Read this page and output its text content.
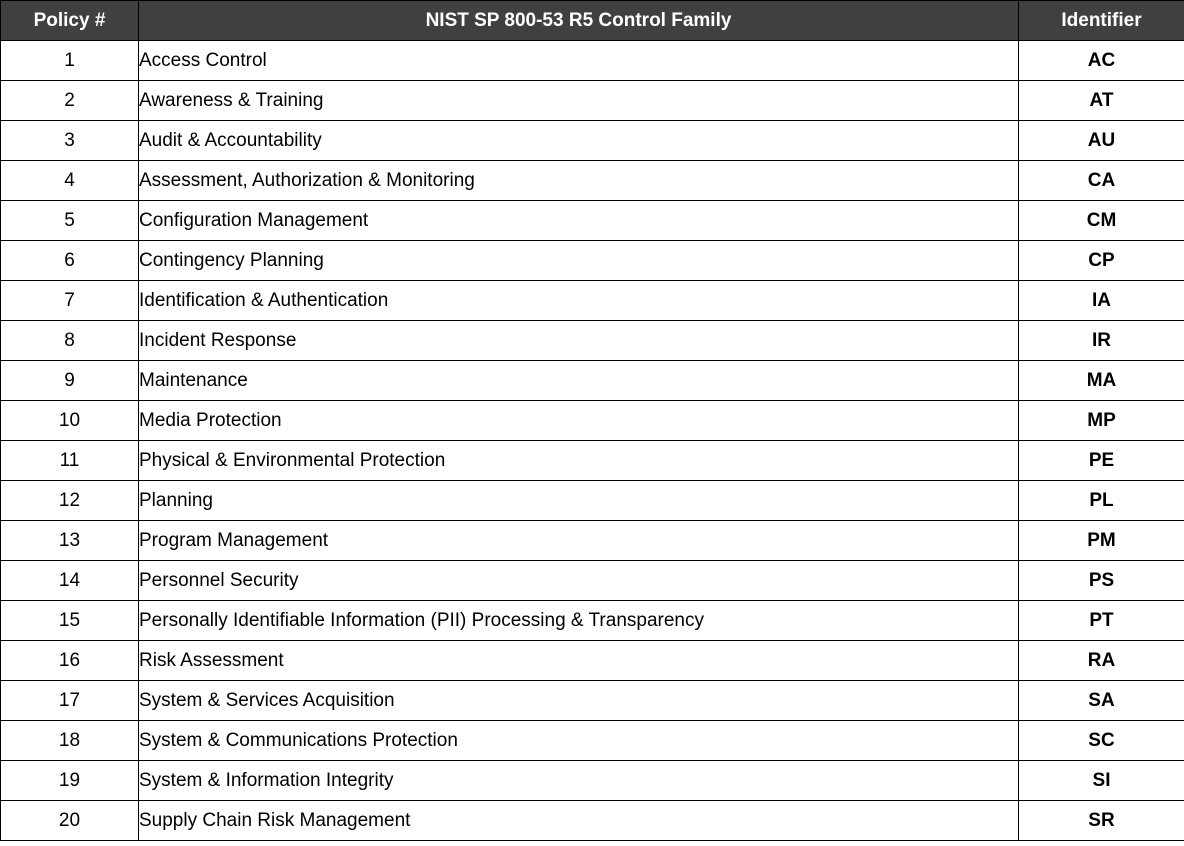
Policy #	NIST SP 800-53 R5 Control Family	Identifier
1	Access Control	AC
2	Awareness & Training	AT
3	Audit & Accountability	AU
4	Assessment, Authorization & Monitoring	CA
5	Configuration Management	CM
6	Contingency Planning	CP
7	Identification & Authentication	IA
8	Incident Response	IR
9	Maintenance	MA
10	Media Protection	MP
11	Physical & Environmental Protection	PE
12	Planning	PL
13	Program Management	PM
14	Personnel Security	PS
15	Personally Identifiable Information (PII) Processing & Transparency	PT
16	Risk Assessment	RA
17	System & Services Acquisition	SA
18	System & Communications Protection	SC
19	System & Information Integrity	SI
20	Supply Chain Risk Management	SR
